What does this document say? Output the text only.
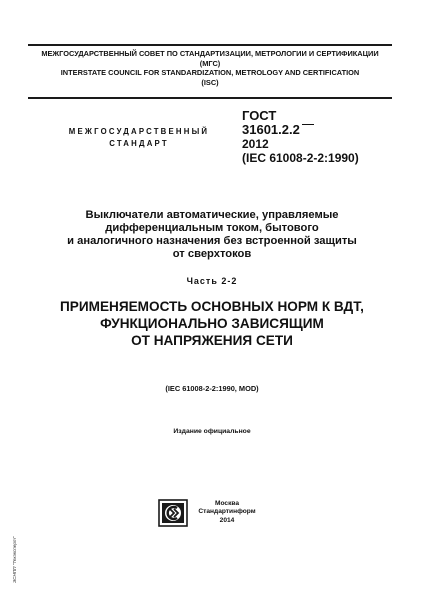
МЕЖГОСУДАРСТВЕННЫЙ СОВЕТ ПО СТАНДАРТИЗАЦИИ, МЕТРОЛОГИИ И СЕРТИФИКАЦИИ
(МГС)
INTERSTATE COUNCIL FOR STANDARDIZATION, METROLOGY AND CERTIFICATION
(ISC)
МЕЖГОСУДАРСТВЕННЫЙ
СТАНДАРТ
ГОСТ
31601.2.2
2012
(IEC 61008-2-2:1990)
Выключатели автоматические, управляемые
дифференциальным током, бытового
и аналогичного назначения без встроенной защиты
от сверхтоков
Часть 2-2
ПРИМЕНЯЕМОСТЬ ОСНОВНЫХ НОРМ К ВДТ,
ФУНКЦИОНАЛЬНО ЗАВИСЯЩИМ
ОТ НАПРЯЖЕНИЯ СЕТИ
(IEC 61008-2-2:1990, MOD)
Издание официальное
Москва
Стандартинформ
2014
ЭСНПП "Техэксперт"
